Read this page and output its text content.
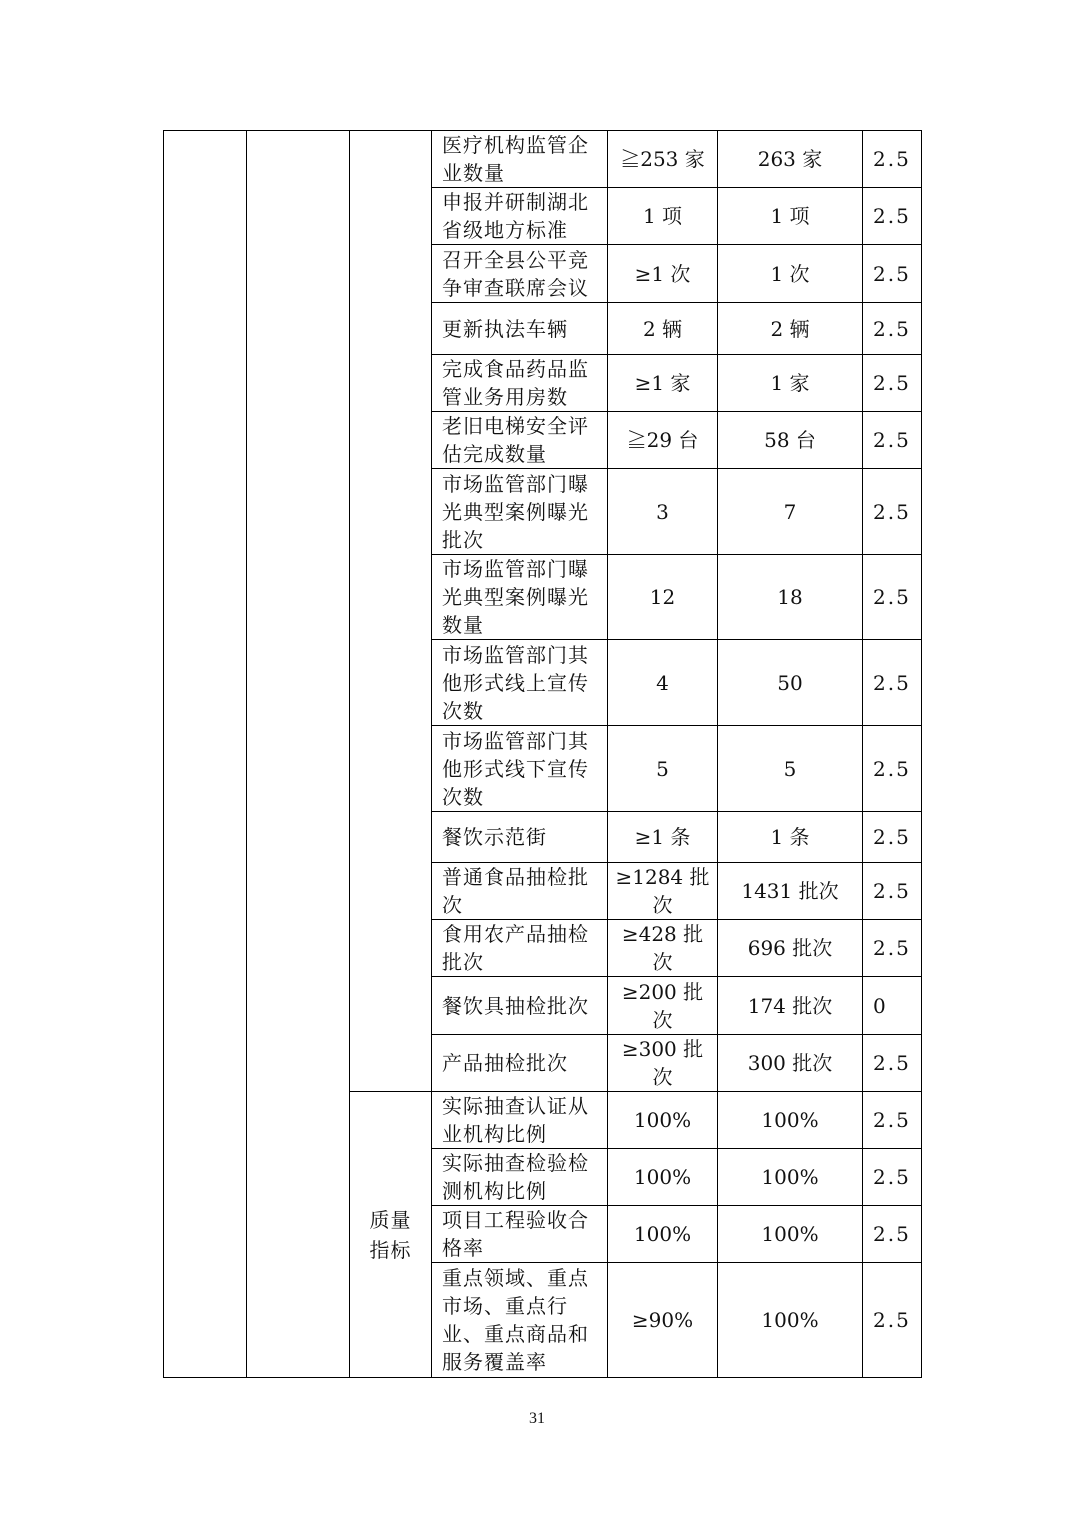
			医疗机构监管企业数量	≧253 家	263 家	2.5
			申报并研制湖北省级地方标准	1 项	1 项	2.5
			召开全县公平竞争审查联席会议	≥1 次	1 次	2.5
			更新执法车辆	2 辆	2 辆	2.5
			完成食品药品监管业务用房数	≥1 家	1 家	2.5
			老旧电梯安全评估完成数量	≧29 台	58 台	2.5
			市场监管部门曝光典型案例曝光批次	3	7	2.5
			市场监管部门曝光典型案例曝光数量	12	18	2.5
			市场监管部门其他形式线上宣传次数	4	50	2.5
			市场监管部门其他形式线下宣传次数	5	5	2.5
			餐饮示范街	≥1 条	1 条	2.5
			普通食品抽检批次	≥1284 批次	1431 批次	2.5
			食用农产品抽检批次	≥428 批次	696 批次	2.5
			餐饮具抽检批次	≥200 批次	174 批次	0
			产品抽检批次	≥300 批次	300 批次	2.5
		质量指标	实际抽查认证从业机构比例	100%	100%	2.5
			实际抽查检验检测机构比例	100%	100%	2.5
			项目工程验收合格率	100%	100%	2.5
			重点领域、重点市场、重点行业、重点商品和服务覆盖率	≥90%	100%	2.5
31
